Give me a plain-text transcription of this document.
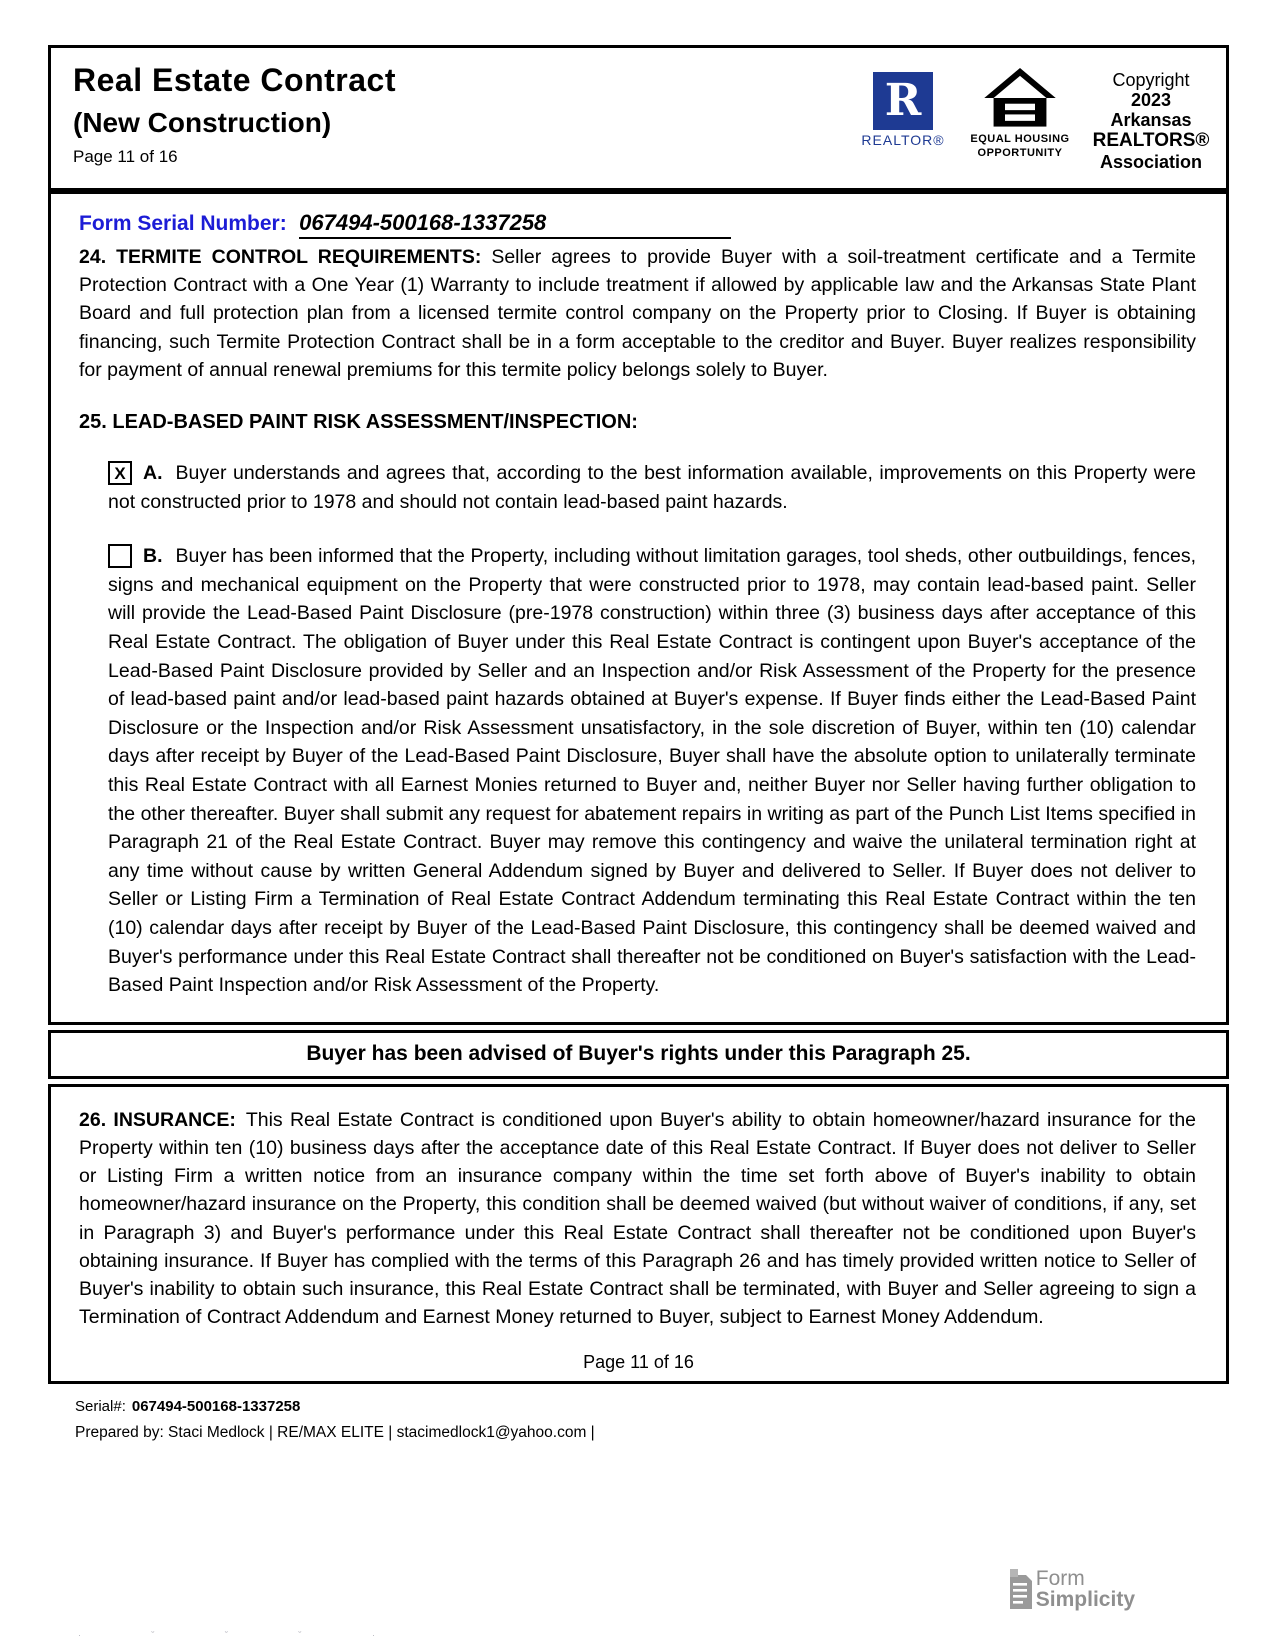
Real Estate Contract
(New Construction)
Page 11 of 16
R
REALTOR®	EQUAL HOUSING
OPPORTUNITY
Copyright
2023
Arkansas
REALTORS®
Association
Form Serial Number: 067494-500168-1337258

24. TERMITE CONTROL REQUIREMENTS: Seller agrees to provide Buyer with a soil-treatment certificate and a Termite Protection Contract with a One Year (1) Warranty to include treatment if allowed by applicable law and the Arkansas State Plant Board and full protection plan from a licensed termite control company on the Property prior to Closing. If Buyer is obtaining financing, such Termite Protection Contract shall be in a form acceptable to the creditor and Buyer. Buyer realizes responsibility for payment of annual renewal premiums for this termite policy belongs solely to Buyer.

25. LEAD-BASED PAINT RISK ASSESSMENT/INSPECTION:

X A. Buyer understands and agrees that, according to the best information available, improvements on this Property were not constructed prior to 1978 and should not contain lead-based paint hazards.

B. Buyer has been informed that the Property, including without limitation garages, tool sheds, other outbuildings, fences, signs and mechanical equipment on the Property that were constructed prior to 1978, may contain lead-based paint. Seller will provide the Lead-Based Paint Disclosure (pre-1978 construction) within three (3) business days after acceptance of this Real Estate Contract. The obligation of Buyer under this Real Estate Contract is contingent upon Buyer's acceptance of the Lead-Based Paint Disclosure provided by Seller and an Inspection and/or Risk Assessment of the Property for the presence of lead-based paint and/or lead-based paint hazards obtained at Buyer's expense. If Buyer finds either the Lead-Based Paint Disclosure or the Inspection and/or Risk Assessment unsatisfactory, in the sole discretion of Buyer, within ten (10) calendar days after receipt by Buyer of the Lead-Based Paint Disclosure, Buyer shall have the absolute option to unilaterally terminate this Real Estate Contract with all Earnest Monies returned to Buyer and, neither Buyer nor Seller having further obligation to the other thereafter. Buyer shall submit any request for abatement repairs in writing as part of the Punch List Items specified in Paragraph 21 of the Real Estate Contract. Buyer may remove this contingency and waive the unilateral termination right at any time without cause by written General Addendum signed by Buyer and delivered to Seller. If Buyer does not deliver to Seller or Listing Firm a Termination of Real Estate Contract Addendum terminating this Real Estate Contract within the ten (10) calendar days after receipt by Buyer of the Lead-Based Paint Disclosure, this contingency shall be deemed waived and Buyer's performance under this Real Estate Contract shall thereafter not be conditioned on Buyer's satisfaction with the Lead-Based Paint Inspection and/or Risk Assessment of the Property.

Buyer has been advised of Buyer's rights under this Paragraph 25.

26. INSURANCE: This Real Estate Contract is conditioned upon Buyer's ability to obtain homeowner/hazard insurance for the Property within ten (10) business days after the acceptance date of this Real Estate Contract. If Buyer does not deliver to Seller or Listing Firm a written notice from an insurance company within the time set forth above of Buyer's inability to obtain homeowner/hazard insurance on the Property, this condition shall be deemed waived (but without waiver of conditions, if any, set in Paragraph 3) and Buyer's performance under this Real Estate Contract shall thereafter not be conditioned upon Buyer's obtaining insurance. If Buyer has complied with the terms of this Paragraph 26 and has timely provided written notice to Seller of Buyer's inability to obtain such insurance, this Real Estate Contract shall be terminated, with Buyer and Seller agreeing to sign a Termination of Contract Addendum and Earnest Money returned to Buyer, subject to Earnest Money Addendum.

Page 11 of 16
Serial#: 067494-500168-1337258
Prepared by: Staci Medlock | RE/MAX ELITE | stacimedlock1@yahoo.com |
Form
Simplicity
· ˘ ˘ ˘ ·
